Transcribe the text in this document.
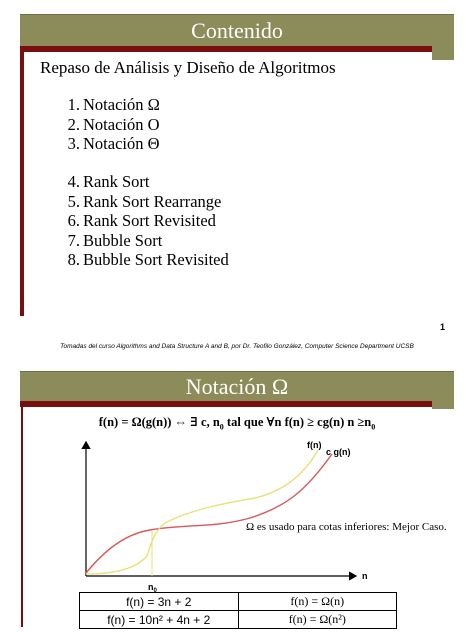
Contenido
Repaso de Análisis y Diseño de Algoritmos
1. Notación Ω
2. Notación O
3. Notación Θ
4. Rank Sort
5. Rank Sort Rearrange
6. Rank Sort Revisited
7. Bubble Sort
8. Bubble Sort Revisited
1
Tomadas del curso Algorithms and Data Structure A and B, por Dr. Teofilo González, Computer Science Department UCSB
Notación Ω
f(n) = Ω(g(n)) ⇔ ∃ c, $n_0$ tal que ∀n f(n) ≥ cg(n) $n \ge n_0$
f(n)
c g(n)
$n_0$
n
Ω es usado para cotas inferiores: Mejor Caso.
f(n) = 3n + 2	f(n) = Ω(n)
f(n) = 10n² + 4n + 2	f(n) = Ω(n²)
